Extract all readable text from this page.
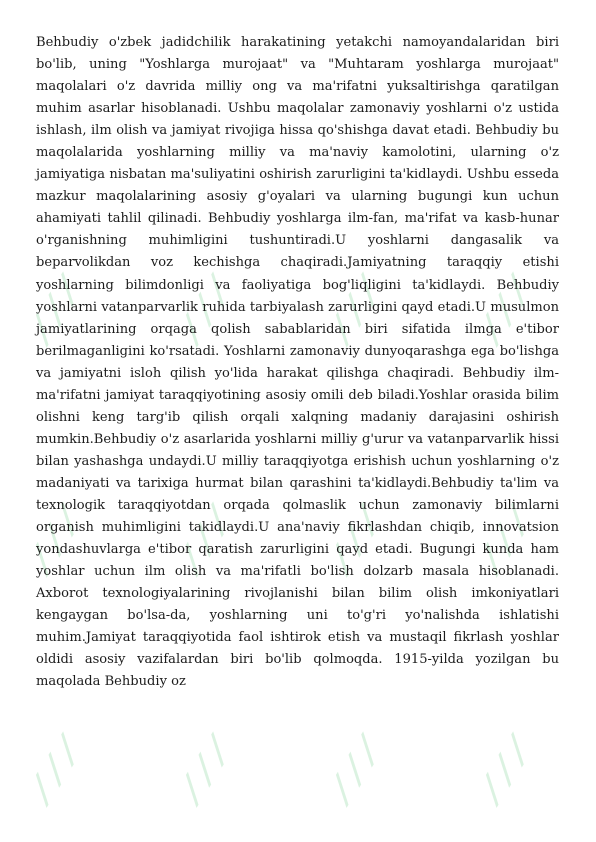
⟋⟋⟋ ⟋⟋⟋ ⟋⟋⟋ ⟋⟋⟋
⟋⟋⟋ ⟋⟋⟋ ⟋⟋⟋ ⟋⟋⟋
⟋⟋⟋ ⟋⟋⟋ ⟋⟋⟋ ⟋⟋⟋

Behbudiy o'zbek jadidchilik harakatining yetakchi namoyandalaridan biri bo'lib, uning "Yoshlarga murojaat" va "Muhtaram yoshlarga murojaat" maqolalari o'z davrida milliy ong va ma'rifatni yuksaltirishga qaratilgan muhim asarlar hisoblanadi. Ushbu maqolalar zamonaviy yoshlarni o'z ustida ishlash, ilm olish va jamiyat rivojiga hissa qo'shishga davat etadi. Behbudiy bu maqolalarida yoshlarning milliy va ma'naviy kamolotini, ularning o'z jamiyatiga nisbatan ma'suliyatini oshirish zarurligini ta'kidlaydi. Ushbu esseda mazkur maqolalarining asosiy g'oyalari va ularning bugungi kun uchun ahamiyati tahlil qilinadi. Behbudiy yoshlarga ilm-fan, ma'rifat va kasb-hunar o'rganishning muhimligini tushuntiradi.U yoshlarni dangasalik va beparvolikdan voz kechishga chaqiradi.Jamiyatning taraqqiy etishi yoshlarning bilimdonligi va faoliyatiga bog'liqligini ta'kidlaydi. Behbudiy yoshlarni vatanparvarlik ruhida tarbiyalash zarurligini qayd etadi.U musulmon jamiyatlarining orqaga qolish sabablaridan biri sifatida ilmga e'tibor berilmaganligini ko'rsatadi. Yoshlarni zamonaviy dunyoqarashga ega bo'lishga va jamiyatni isloh qilish yo'lida harakat qilishga chaqiradi. Behbudiy ilm-ma'rifatni jamiyat taraqqiyotining asosiy omili deb biladi.Yoshlar orasida bilim olishni keng targ'ib qilish orqali xalqning madaniy darajasini oshirish mumkin.Behbudiy o'z asarlarida yoshlarni milliy g'urur va vatanparvarlik hissi bilan yashashga undaydi.U milliy taraqqiyotga erishish uchun yoshlarning o'z madaniyati va tarixiga hurmat bilan qarashini ta'kidlaydi.Behbudiy ta'lim va texnologik taraqqiyotdan orqada qolmaslik uchun zamonaviy bilimlarni organish muhimligini takidlaydi.U ana'naviy fikrlashdan chiqib, innovatsion yondashuvlarga e'tibor qaratish zarurligini qayd etadi. Bugungi kunda ham yoshlar uchun ilm olish va ma'rifatli bo'lish dolzarb masala hisoblanadi. Axborot texnologiyalarining rivojlanishi bilan bilim olish imkoniyatlari kengaygan bo'lsa-da, yoshlarning uni to'g'ri yo'nalishda ishlatishi muhim.Jamiyat taraqqiyotida faol ishtirok etish va mustaqil fikrlash yoshlar oldidi asosiy vazifalardan biri bo'lib qolmoqda. 1915-yilda yozilgan bu maqolada Behbudiy oz
